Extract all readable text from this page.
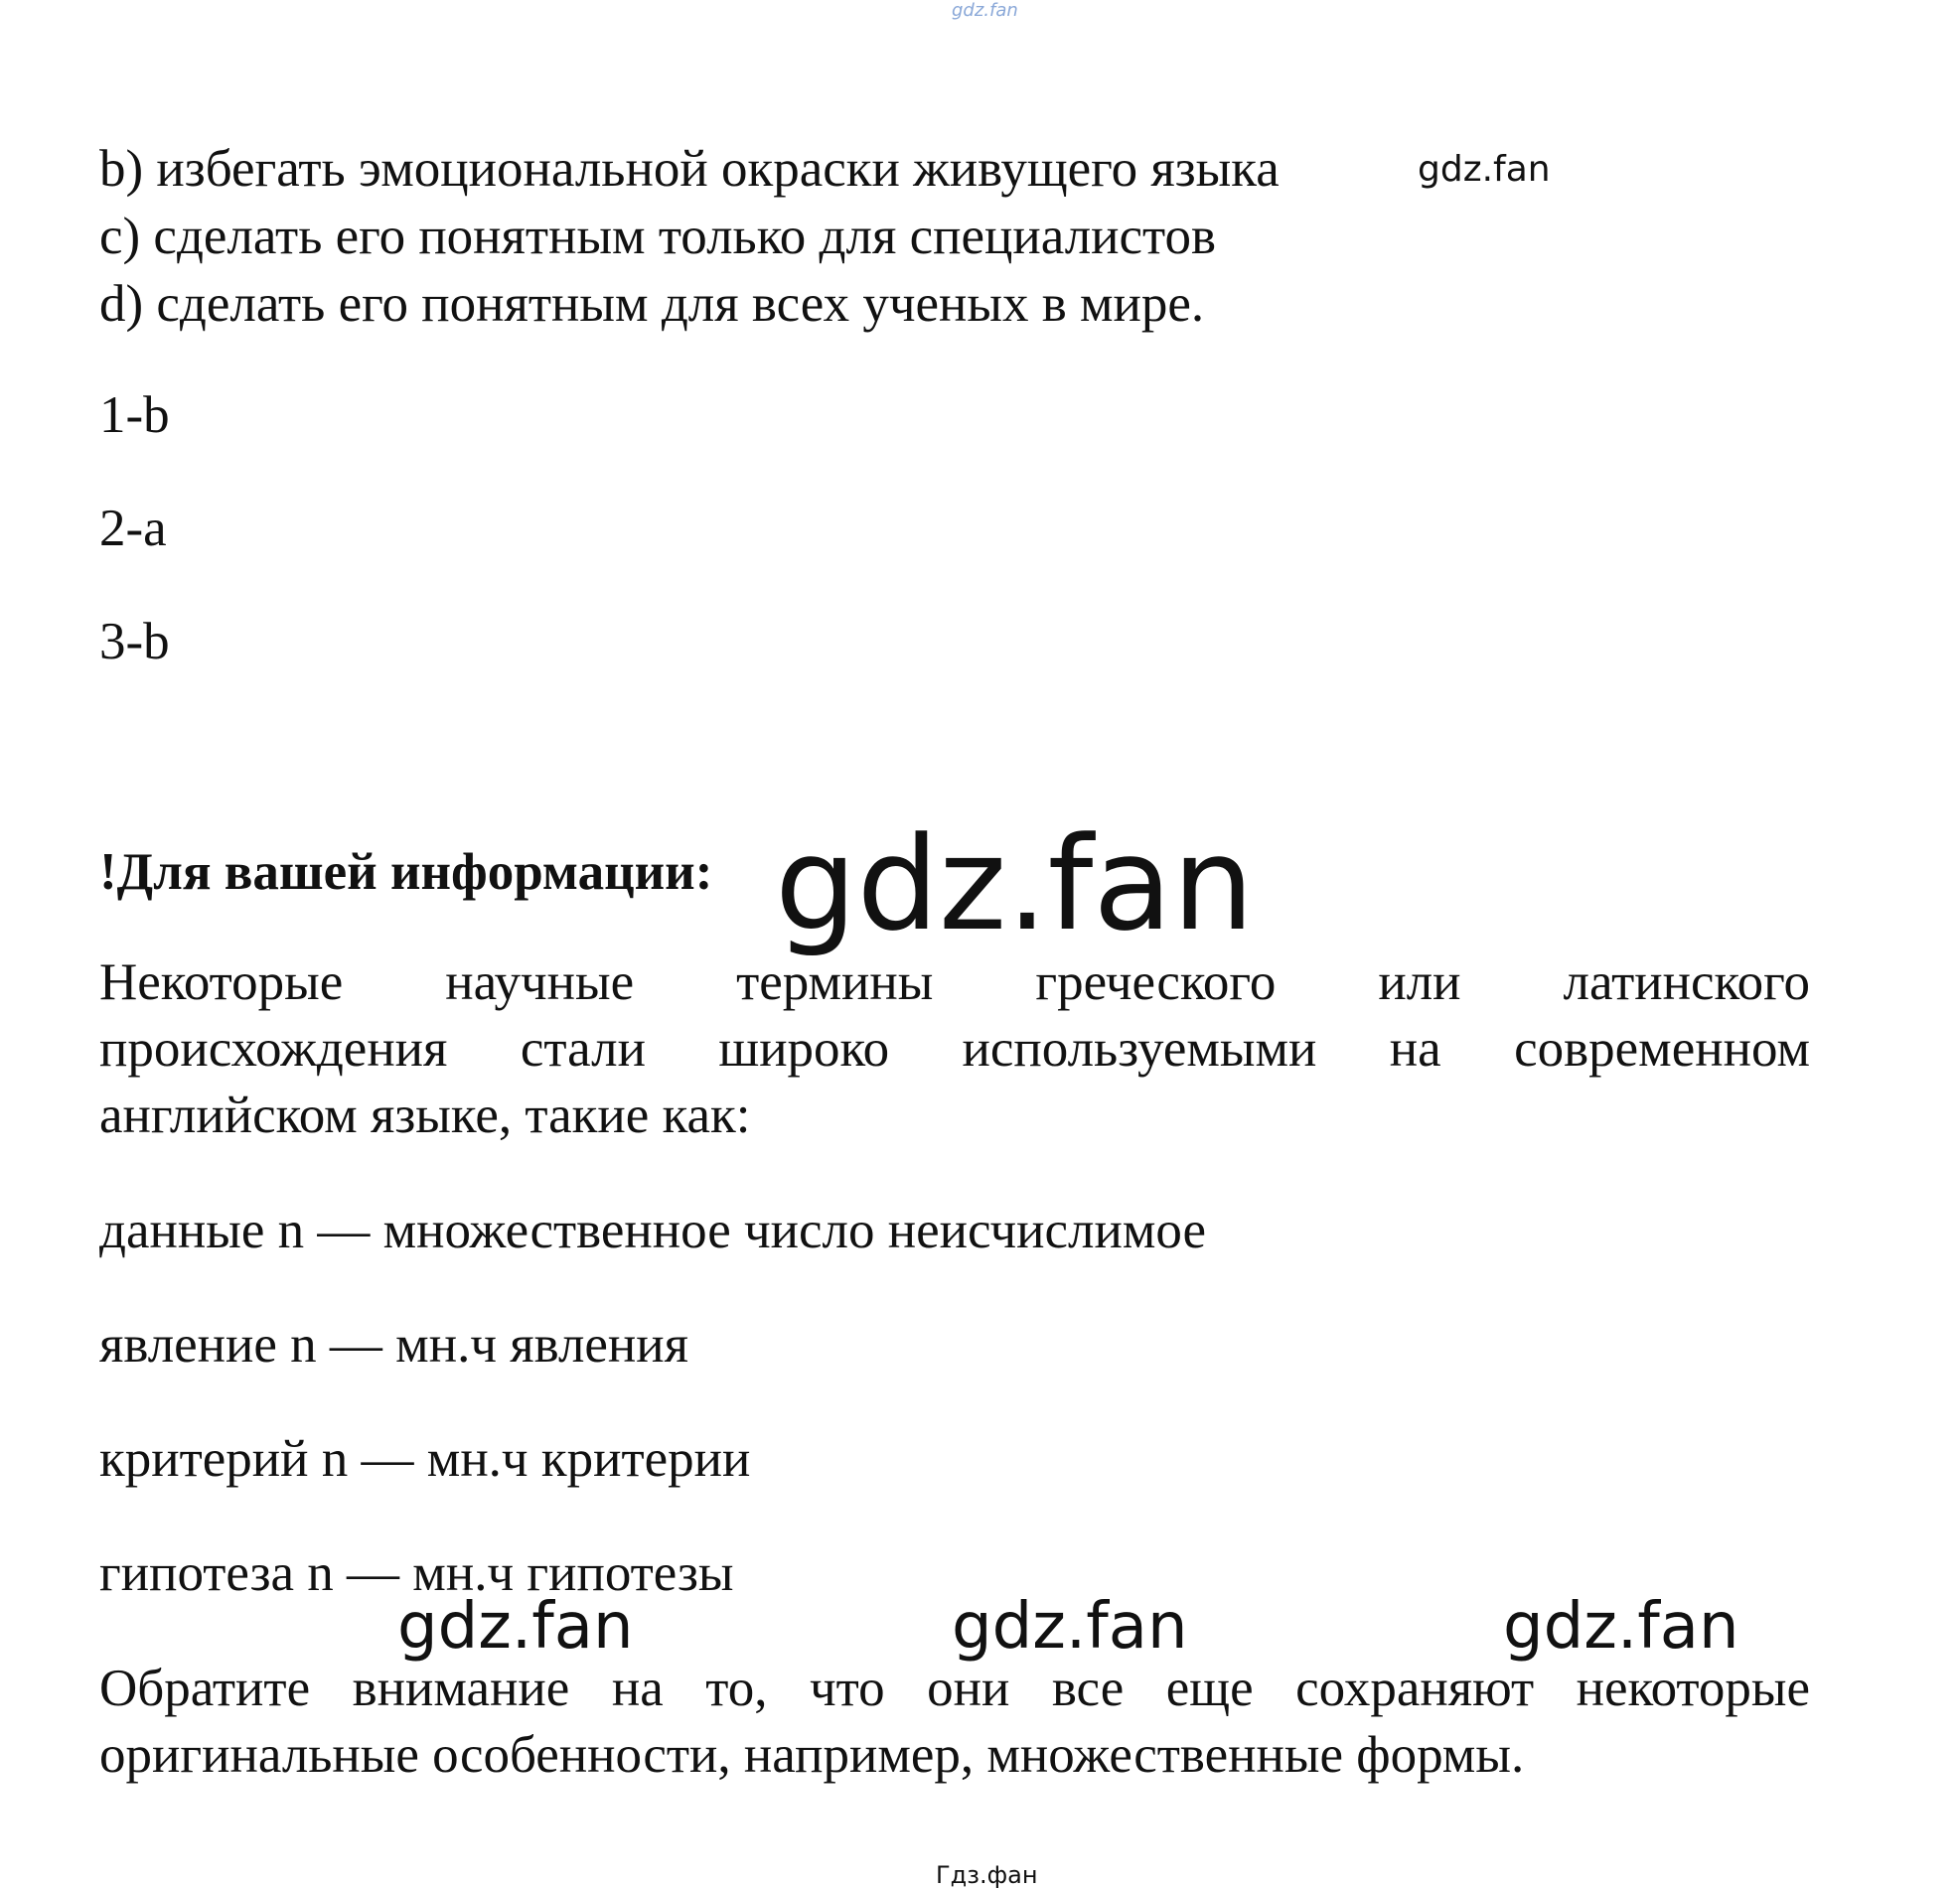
gdz.fan

b) избегать эмоциональной окраски живущего языка	gdz.fan

c) сделать его понятным только для специалистов

d) сделать его понятным для всех ученых в мире.

1-b

2-a

3-b

!Для вашей информации: gdz.fan

Некоторые научные термины греческого или латинского

происхождения стали широко используемыми на современном

английском языке, такие как:

данные n — множественное число неисчислимое

явление n — мн.ч явления

критерий n — мн.ч критерии

гипотеза n — мн.ч гипотезы

gdz.fan	gdz.fan	gdz.fan

Обратите внимание на то, что они все еще сохраняют некоторые

оригинальные особенности, например, множественные формы.

Гдз.фан
